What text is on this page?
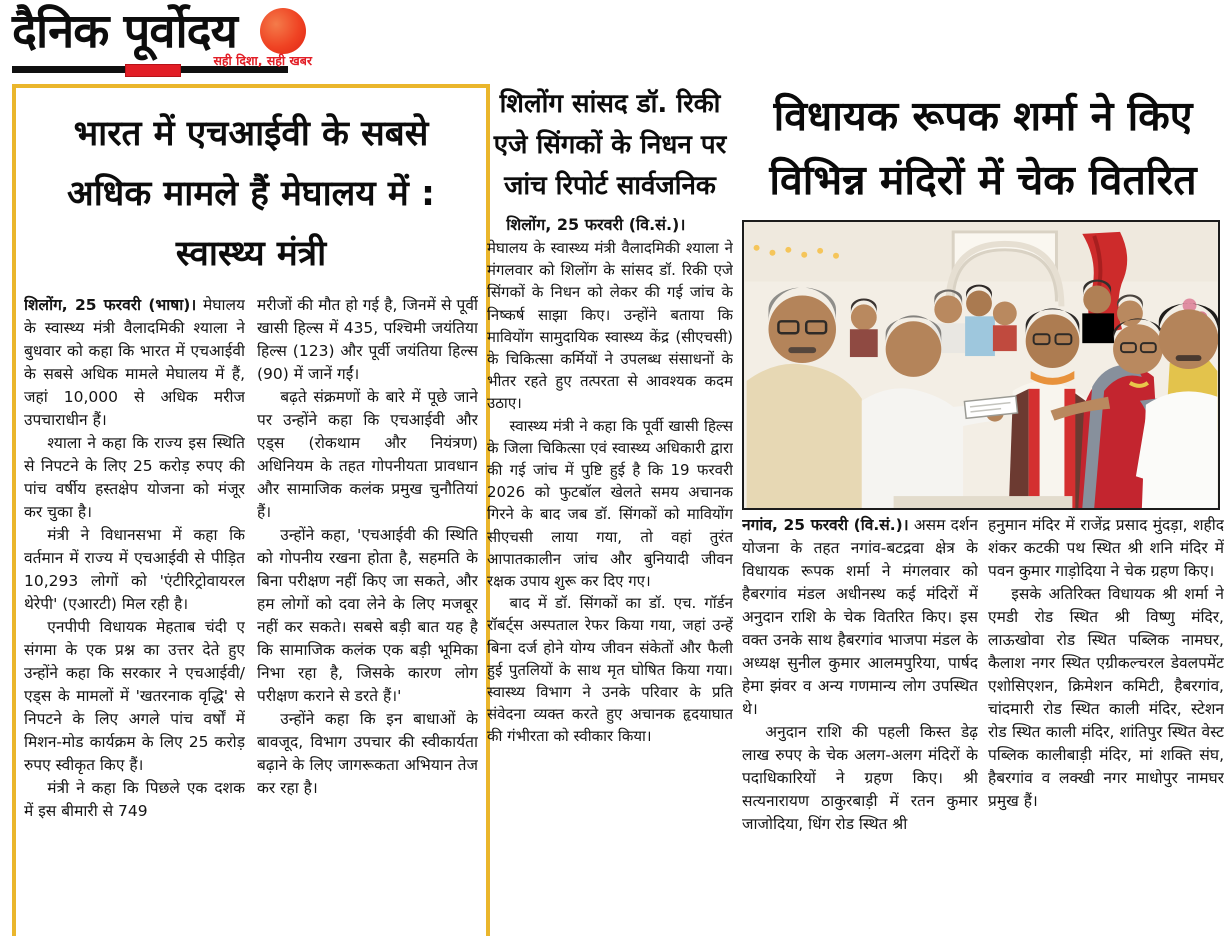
दैनिक पूर्वोदय
सही दिशा, सही खबर
भारत में एचआईवी के सबसे अधिक मामले हैं मेघालय में : स्वास्थ्य मंत्री

शिलोंग, 25 फरवरी (भाषा)। मेघालय के स्वास्थ्य मंत्री वैलादमिकी श्याला ने बुधवार को कहा कि भारत में एचआईवी के सबसे अधिक मामले मेघालय में हैं, जहां 10,000 से अधिक मरीज उपचाराधीन हैं।

श्याला ने कहा कि राज्य इस स्थिति से निपटने के लिए 25 करोड़ रुपए की पांच वर्षीय हस्तक्षेप योजना को मंजूर कर चुका है।

मंत्री ने विधानसभा में कहा कि वर्तमान में राज्य में एचआईवी से पीड़ित 10,293 लोगों को 'एंटीरिट्रोवायरल थेरेपी' (एआरटी) मिल रही है।

एनपीपी विधायक मेहताब चंदी ए संगमा के एक प्रश्न का उत्तर देते हुए उन्होंने कहा कि सरकार ने एचआईवी/एड्स के मामलों में 'खतरनाक वृद्धि' से निपटने के लिए अगले पांच वर्षों में मिशन-मोड कार्यक्रम के लिए 25 करोड़ रुपए स्वीकृत किए हैं।

मंत्री ने कहा कि पिछले एक दशक में इस बीमारी से 749

मरीजों की मौत हो गई है, जिनमें से पूर्वी खासी हिल्स में 435, पश्चिमी जयंतिया हिल्स (123) और पूर्वी जयंतिया हिल्स (90) में जानें गईं।

बढ़ते संक्रमणों के बारे में पूछे जाने पर उन्होंने कहा कि एचआईवी और एड्स (रोकथाम और नियंत्रण) अधिनियम के तहत गोपनीयता प्रावधान और सामाजिक कलंक प्रमुख चुनौतियां हैं।

उन्होंने कहा, 'एचआईवी की स्थिति को गोपनीय रखना होता है, सहमति के बिना परीक्षण नहीं किए जा सकते, और हम लोगों को दवा लेने के लिए मजबूर नहीं कर सकते। सबसे बड़ी बात यह है कि सामाजिक कलंक एक बड़ी भूमिका निभा रहा है, जिसके कारण लोग परीक्षण कराने से डरते हैं।'

उन्होंने कहा कि इन बाधाओं के बावजूद, विभाग उपचार की स्वीकार्यता बढ़ाने के लिए जागरूकता अभियान तेज कर रहा है।

शिलोंग सांसद डॉ. रिकी एजे सिंगकों के निधन पर जांच रिपोर्ट सार्वजनिक

शिलोंग, 25 फरवरी (वि.सं.)।

मेघालय के स्वास्थ्य मंत्री वैलादमिकी श्याला ने मंगलवार को शिलोंग के सांसद डॉ. रिकी एजे सिंगकों के निधन को लेकर की गई जांच के निष्कर्ष साझा किए। उन्होंने बताया कि मावियोंग सामुदायिक स्वास्थ्य केंद्र (सीएचसी) के चिकित्सा कर्मियों ने उपलब्ध संसाधनों के भीतर रहते हुए तत्परता से आवश्यक कदम उठाए।

स्वास्थ्य मंत्री ने कहा कि पूर्वी खासी हिल्स के जिला चिकित्सा एवं स्वास्थ्य अधिकारी द्वारा की गई जांच में पुष्टि हुई है कि 19 फरवरी 2026 को फुटबॉल खेलते समय अचानक गिरने के बाद जब डॉ. सिंगकों को मावियोंग सीएचसी लाया गया, तो वहां तुरंत आपातकालीन जांच और बुनियादी जीवन रक्षक उपाय शुरू कर दिए गए।

बाद में डॉ. सिंगकों का डॉ. एच. गॉर्डन रॉबर्ट्स अस्पताल रेफर किया गया, जहां उन्हें बिना दर्ज होने योग्य जीवन संकेतों और फैली हुई पुतलियों के साथ मृत घोषित किया गया। स्वास्थ्य विभाग ने उनके परिवार के प्रति संवेदना व्यक्त करते हुए अचानक हृदयाघात की गंभीरता को स्वीकार किया।

विधायक रूपक शर्मा ने किए विभिन्न मंदिरों में चेक वितरित

नगांव, 25 फरवरी (वि.सं.)। असम दर्शन योजना के तहत नगांव-बटद्रवा क्षेत्र के विधायक रूपक शर्मा ने मंगलवार को हैबरगांव मंडल अधीनस्थ कई मंदिरों में अनुदान राशि के चेक वितरित किए। इस वक्त उनके साथ हैबरगांव भाजपा मंडल के अध्यक्ष सुनील कुमार आलमपुरिया, पार्षद हेमा झंवर व अन्य गणमान्य लोग उपस्थित थे।

अनुदान राशि की पहली किस्त डेढ़ लाख रुपए के चेक अलग-अलग मंदिरों के पदाधिकारियों ने ग्रहण किए। श्री सत्यनारायण ठाकुरबाड़ी में रतन कुमार जाजोदिया, धिंग रोड स्थित श्री

हनुमान मंदिर में राजेंद्र प्रसाद मुंदड़ा, शहीद शंकर कटकी पथ स्थित श्री शनि मंदिर में पवन कुमार गाड़ोदिया ने चेक ग्रहण किए।

इसके अतिरिक्त विधायक श्री शर्मा ने एमडी रोड स्थित श्री विष्णु मंदिर, लाऊखोवा रोड स्थित पब्लिक नामघर, कैलाश नगर स्थित एग्रीकल्चरल डेवलपमेंट एशोसिएशन, क्रिमेशन कमिटी, हैबरगांव, चांदमारी रोड स्थित काली मंदिर, स्टेशन रोड स्थित काली मंदिर, शांतिपुर स्थित वेस्ट पब्लिक कालीबाड़ी मंदिर, मां शक्ति संघ, हैबरगांव व लक्खी नगर माधोपुर नामघर प्रमुख हैं।
